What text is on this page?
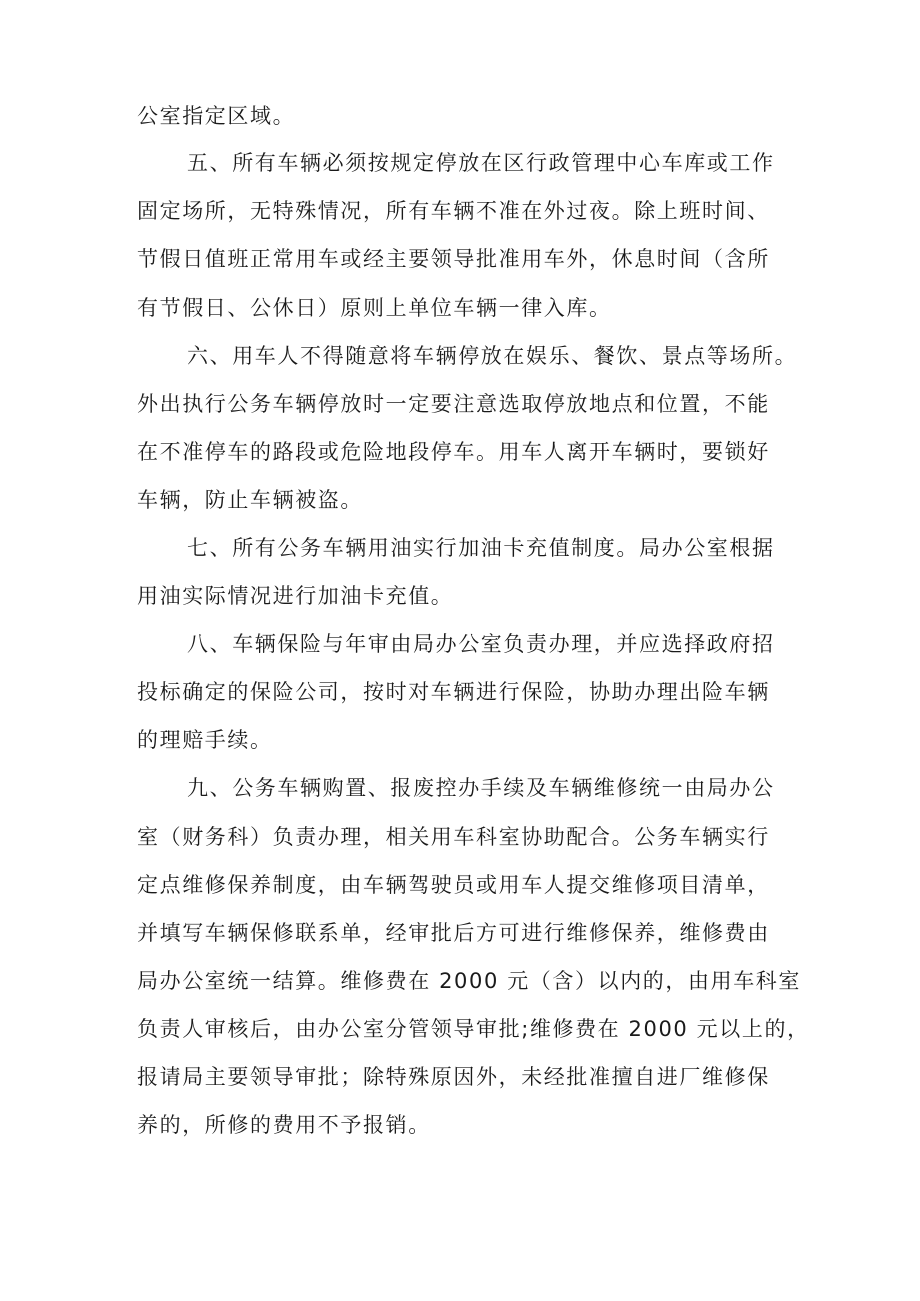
公室指定区域。
五、所有车辆必须按规定停放在区行政管理中心车库或工作
固定场所，无特殊情况，所有车辆不准在外过夜。除上班时间、
节假日值班正常用车或经主要领导批准用车外，休息时间（含所
有节假日、公休日）原则上单位车辆一律入库。
六、用车人不得随意将车辆停放在娱乐、餐饮、景点等场所。
外出执行公务车辆停放时一定要注意选取停放地点和位置，不能
在不准停车的路段或危险地段停车。用车人离开车辆时，要锁好
车辆，防止车辆被盗。
七、所有公务车辆用油实行加油卡充值制度。局办公室根据
用油实际情况进行加油卡充值。
八、车辆保险与年审由局办公室负责办理，并应选择政府招
投标确定的保险公司，按时对车辆进行保险，协助办理出险车辆
的理赔手续。
九、公务车辆购置、报废控办手续及车辆维修统一由局办公
室（财务科）负责办理，相关用车科室协助配合。公务车辆实行
定点维修保养制度，由车辆驾驶员或用车人提交维修项目清单，
并填写车辆保修联系单，经审批后方可进行维修保养，维修费由
局办公室统一结算。维修费在 2000 元（含）以内的，由用车科室
负责人审核后，由办公室分管领导审批;维修费在 2000 元以上的，
报请局主要领导审批；除特殊原因外，未经批准擅自进厂维修保
养的，所修的费用不予报销。
